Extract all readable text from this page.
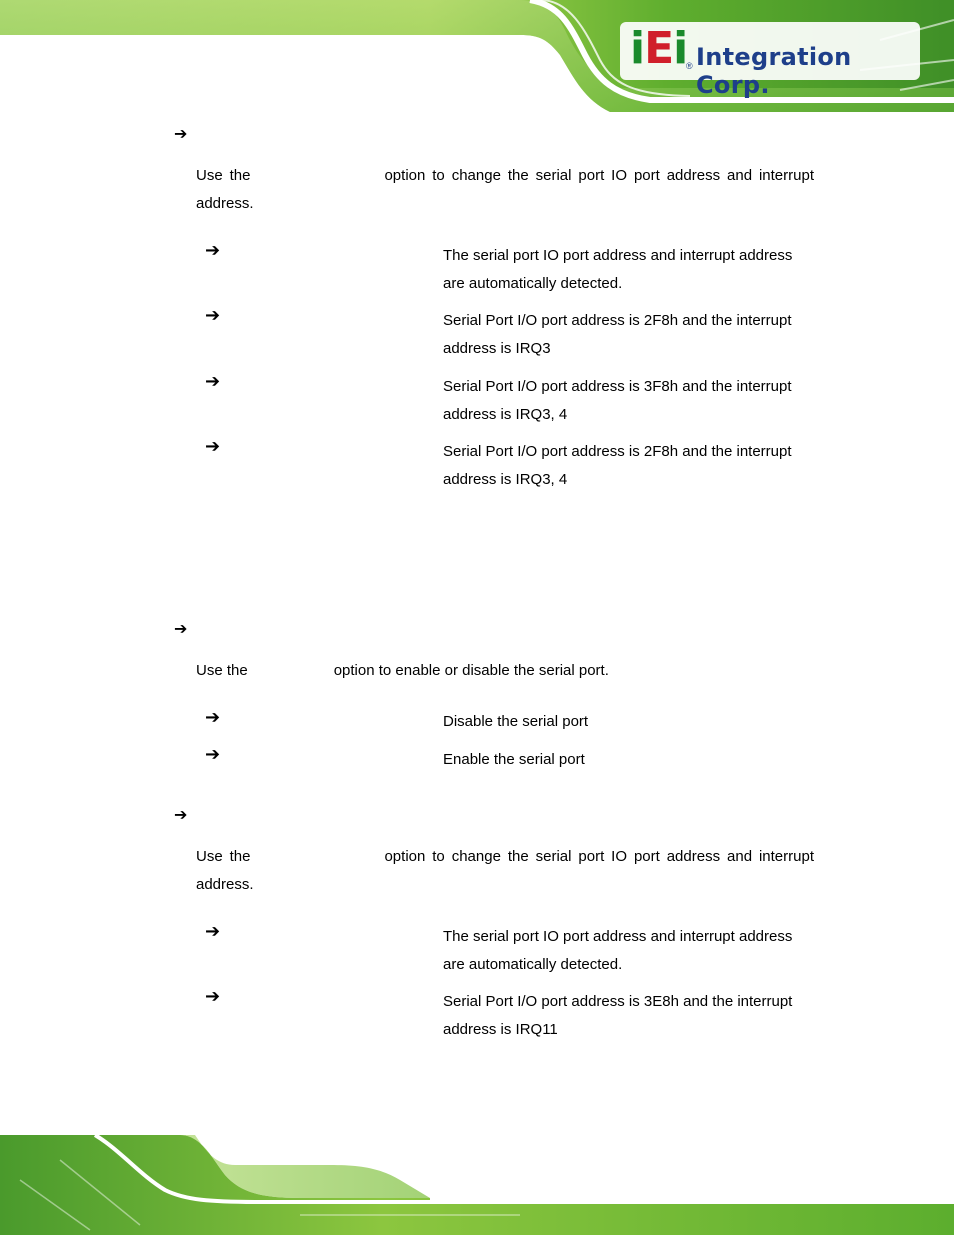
iEi
® Integration Corp.
➔

Use the	option to change the serial port IO port address and interrupt address.

➔	The serial port IO port address and interrupt address are automatically detected.

➔	Serial Port I/O port address is 2F8h and the interrupt address is IRQ3

➔	Serial Port I/O port address is 3F8h and the interrupt address is IRQ3, 4

➔	Serial Port I/O port address is 2F8h and the interrupt address is IRQ3, 4

➔

Use the	option to enable or disable the serial port.

➔	Disable the serial port

➔	Enable the serial port

➔

Use the	option to change the serial port IO port address and interrupt address.

➔	The serial port IO port address and interrupt address are automatically detected.

➔	Serial Port I/O port address is 3E8h and the interrupt address is IRQ11
